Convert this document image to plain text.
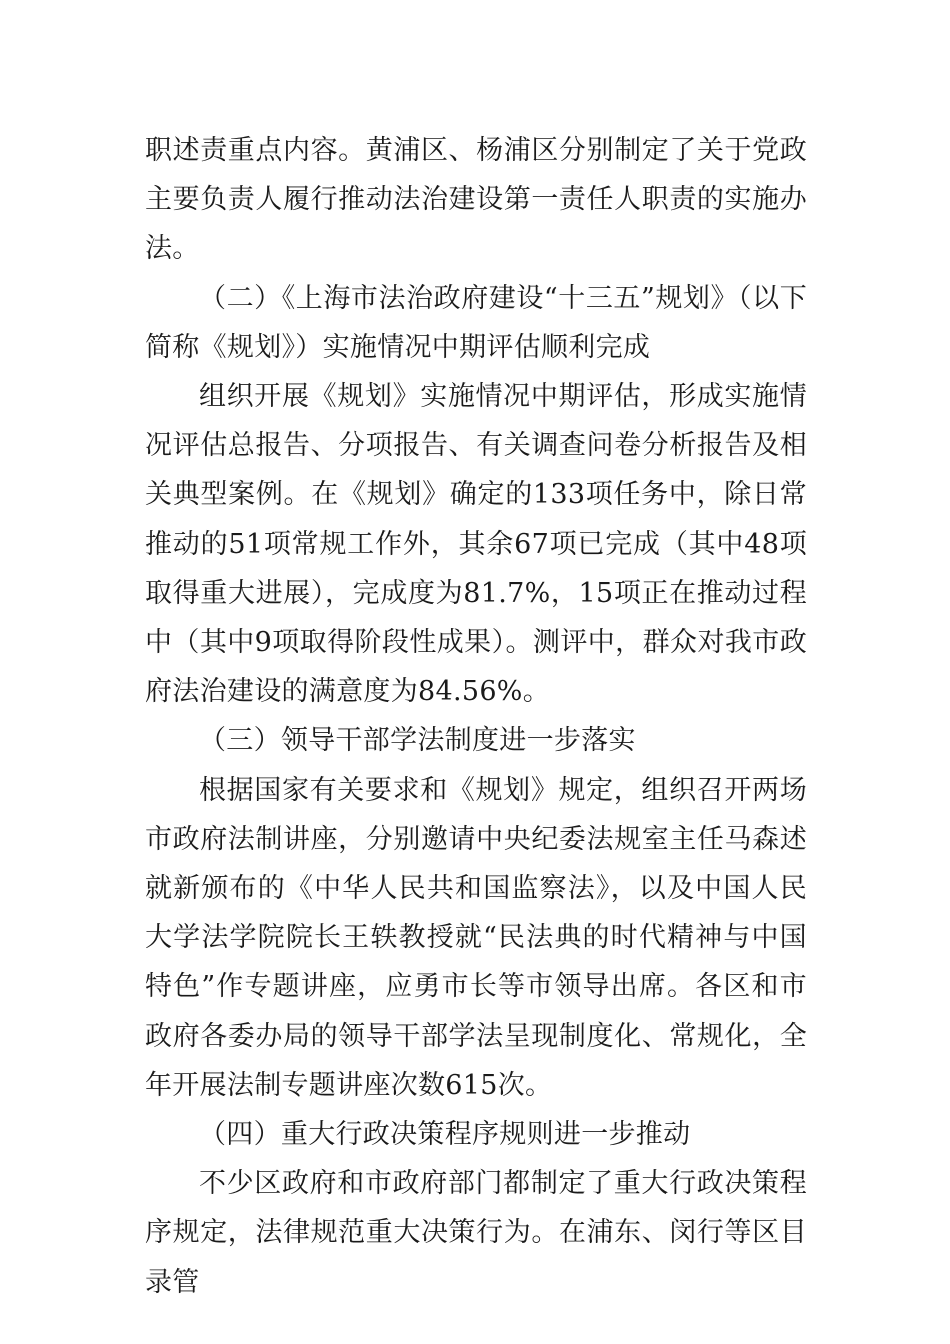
职述责重点内容。黄浦区、杨浦区分别制定了关于党政主要负责人履行推动法治建设第一责任人职责的实施办法。

（二）《上海市法治政府建设“十三五”规划》（以下简称《规划》）实施情况中期评估顺利完成

组织开展《规划》实施情况中期评估，形成实施情况评估总报告、分项报告、有关调查问卷分析报告及相关典型案例。在《规划》确定的133项任务中，除日常推动的51项常规工作外，其余67项已完成（其中48项取得重大进展），完成度为81.7%，15项正在推动过程中（其中9项取得阶段性成果）。测评中，群众对我市政府法治建设的满意度为84.56%。

（三）领导干部学法制度进一步落实

根据国家有关要求和《规划》规定，组织召开两场市政府法制讲座，分别邀请中央纪委法规室主任马森述就新颁布的《中华人民共和国监察法》，以及中国人民大学法学院院长王轶教授就“民法典的时代精神与中国特色”作专题讲座，应勇市长等市领导出席。各区和市政府各委办局的领导干部学法呈现制度化、常规化，全年开展法制专题讲座次数615次。

（四）重大行政决策程序规则进一步推动

不少区政府和市政府部门都制定了重大行政决策程序规定，法律规范重大决策行为。在浦东、闵行等区目录管
